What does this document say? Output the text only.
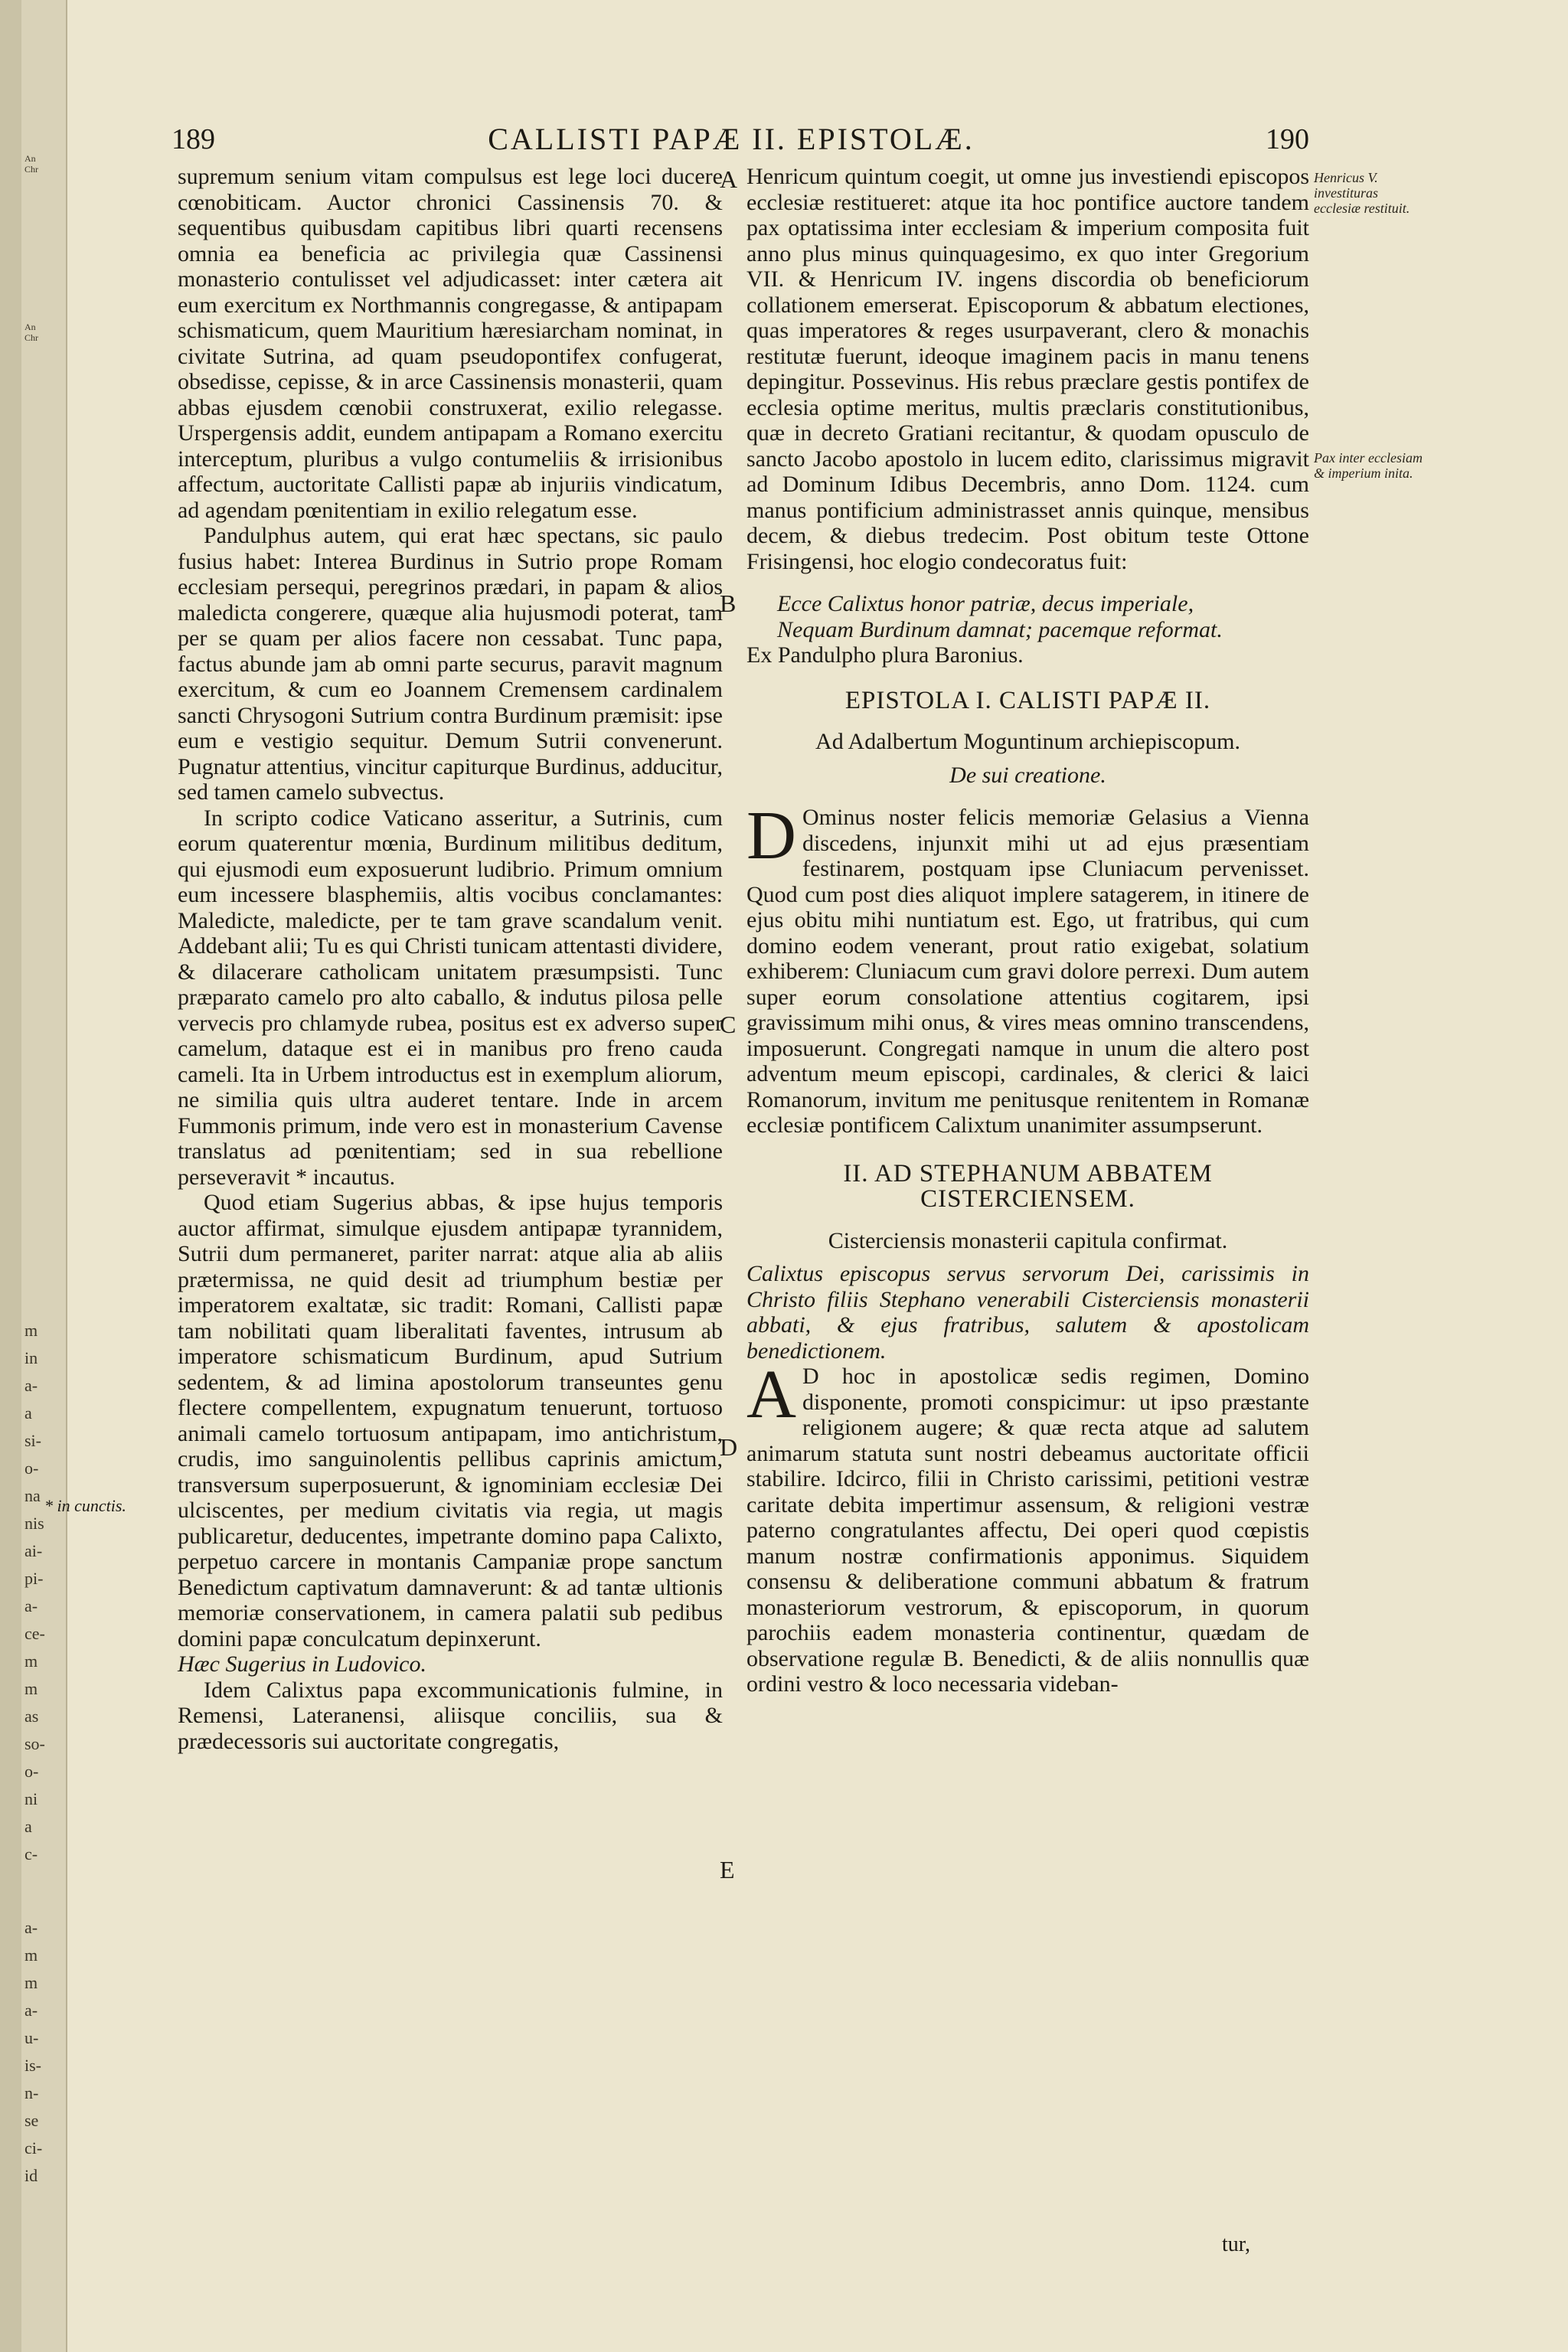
An
Chr

An
Chr

m
in
a-
a
si-
o-
na
nis
ai-
pi-
a-
ce-
m
m
as
so-
o-
ni
a
c-
a-
m
m
a-
u-
is-
n-
se
ci-
id
189	CALLISTI PAPÆ II. EPISTOLÆ.	190

supremum senium vitam compulsus est lege loci ducere cœnobiticam. Auctor chronici Cassinensis 70. & sequentibus quibusdam capitibus libri quarti recensens omnia ea beneficia ac privilegia quæ Cassinensi monasterio contulisset vel adjudicasset: inter cætera ait eum exercitum ex Northmannis congregasse, & antipapam schismaticum, quem Mauritium hæresiarcham nominat, in civitate Sutrina, ad quam pseudopontifex confugerat, obsedisse, cepisse, & in arce Cassinensis monasterii, quam abbas ejusdem cœnobii construxerat, exilio relegasse. Urspergensis addit, eundem antipapam a Romano exercitu interceptum, pluribus a vulgo contumeliis & irrisionibus affectum, auctoritate Callisti papæ ab injuriis vindicatum, ad agendam pœnitentiam in exilio relegatum esse.

Pandulphus autem, qui erat hæc spectans, sic paulo fusius habet: Interea Burdinus in Sutrio prope Romam ecclesiam persequi, peregrinos prædari, in papam & alios maledicta congerere, quæque alia hujusmodi poterat, tam per se quam per alios facere non cessabat. Tunc papa, factus abunde jam ab omni parte securus, paravit magnum exercitum, & cum eo Joannem Cremensem cardinalem sancti Chrysogoni Sutrium contra Burdinum præmisit: ipse eum e vestigio sequitur. Demum Sutrii convenerunt. Pugnatur attentius, vincitur capiturque Burdinus, adducitur, sed tamen camelo subvectus.

In scripto codice Vaticano asseritur, a Sutrinis, cum eorum quaterentur mœnia, Burdinum militibus deditum, qui ejusmodi eum exposuerunt ludibrio. Primum omnium eum incessere blasphemiis, altis vocibus conclamantes: Maledicte, maledicte, per te tam grave scandalum venit. Addebant alii; Tu es qui Christi tunicam attentasti dividere, & dilacerare catholicam unitatem præsumpsisti. Tunc præparato camelo pro alto caballo, & indutus pilosa pelle vervecis pro chlamyde rubea, positus est ex adverso super camelum, dataque est ei in manibus pro freno cauda cameli. Ita in Urbem introductus est in exemplum aliorum, ne similia quis ultra auderet tentare. Inde in arcem Fummonis primum, inde vero est in monasterium Cavense translatus ad pœnitentiam; sed in sua rebellione perseveravit * incautus.

Quod etiam Sugerius abbas, & ipse hujus temporis auctor affirmat, simulque ejusdem antipapæ tyrannidem, Sutrii dum permaneret, pariter narrat: atque alia ab aliis prætermissa, ne quid desit ad triumphum bestiæ per imperatorem exaltatæ, sic tradit: Romani, Callisti papæ tam nobilitati quam liberalitati faventes, intrusum ab imperatore schismaticum Burdinum, apud Sutrium sedentem, & ad limina apostolorum transeuntes genu flectere compellentem, expugnatum tenuerunt, tortuoso animali camelo tortuosum antipapam, imo antichristum, crudis, imo sanguinolentis pellibus caprinis amictum, transversum superposuerunt, & ignominiam ecclesiæ Dei ulciscentes, per medium civitatis via regia, ut magis publicaretur, deducentes, impetrante domino papa Calixto, perpetuo carcere in montanis Campaniæ prope sanctum Benedictum captivatum damnaverunt: & ad tantæ ultionis memoriæ conservationem, in camera palatii sub pedibus domini papæ conculcatum depinxerunt.

Hæc Sugerius in Ludovico.

Idem Calixtus papa excommunicationis fulmine, in Remensi, Lateranensi, aliisque conciliis, sua & prædecessoris sui auctoritate congregatis,

Henricum quintum coegit, ut omne jus investiendi episcopos ecclesiæ restitueret: atque ita hoc pontifice auctore tandem pax optatissima inter ecclesiam & imperium composita fuit anno plus minus quinquagesimo, ex quo inter Gregorium VII. & Henricum IV. ingens discordia ob beneficiorum collationem emerserat. Episcoporum & abbatum electiones, quas imperatores & reges usurpaverant, clero & monachis restitutæ fuerunt, ideoque imaginem pacis in manu tenens depingitur. Possevinus. His rebus præclare gestis pontifex de ecclesia optime meritus, multis præclaris constitutionibus, quæ in decreto Gratiani recitantur, & quodam opusculo de sancto Jacobo apostolo in lucem edito, clarissimus migravit ad Dominum Idibus Decembris, anno Dom. 1124. cum manus pontificium administrasset annis quinque, mensibus decem, & diebus tredecim. Post obitum teste Ottone Frisingensi, hoc elogio condecoratus fuit:

Ecce Calixtus honor patriæ, decus imperiale,

Nequam Burdinum damnat; pacemque reformat.

Ex Pandulpho plura Baronius.

EPISTOLA I. CALISTI PAPÆ II.
Ad Adalbertum Moguntinum archiepiscopum.
De sui creatione.

D Ominus noster felicis memoriæ Gelasius a Vienna discedens, injunxit mihi ut ad ejus præsentiam festinarem, postquam ipse Cluniacum pervenisset. Quod cum post dies aliquot implere satagerem, in itinere de ejus obitu mihi nuntiatum est. Ego, ut fratribus, qui cum domino eodem venerant, prout ratio exigebat, solatium exhiberem: Cluniacum cum gravi dolore perrexi. Dum autem super eorum consolatione attentius cogitarem, ipsi gravissimum mihi onus, & vires meas omnino transcendens, imposuerunt. Congregati namque in unum die altero post adventum meum episcopi, cardinales, & clerici & laici Romanorum, invitum me penitusque renitentem in Romanæ ecclesiæ pontificem Calixtum unanimiter assumpserunt.

II. AD STEPHANUM ABBATEM CISTERCIENSEM.
Cisterciensis monasterii capitula confirmat.

Calixtus episcopus servus servorum Dei, carissimis in Christo filiis Stephano venerabili Cisterciensis monasterii abbati, & ejus fratribus, salutem & apostolicam benedictionem.

A D hoc in apostolicæ sedis regimen, Domino disponente, promoti conspicimur: ut ipso præstante religionem augere; & quæ recta atque ad salutem animarum statuta sunt nostri debeamus auctoritate officii stabilire. Idcirco, filii in Christo carissimi, petitioni vestræ caritate debita impertimur assensum, & religioni vestræ paterno congratulantes affectu, Dei operi quod cœpistis manum nostræ confirmationis apponimus. Siquidem consensu & deliberatione communi abbatum & fratrum monasteriorum vestrorum, & episcoporum, in quorum parochiis eadem monasteria continentur, quædam de observatione regulæ B. Benedicti, & de aliis nonnullis quæ ordini vestro & loco necessaria videban-

tur,
A
B
C
D
E
Henricus V. investituras ecclesiæ restituit.
Pax inter ecclesiam & imperium inita.
* in cunctis.
